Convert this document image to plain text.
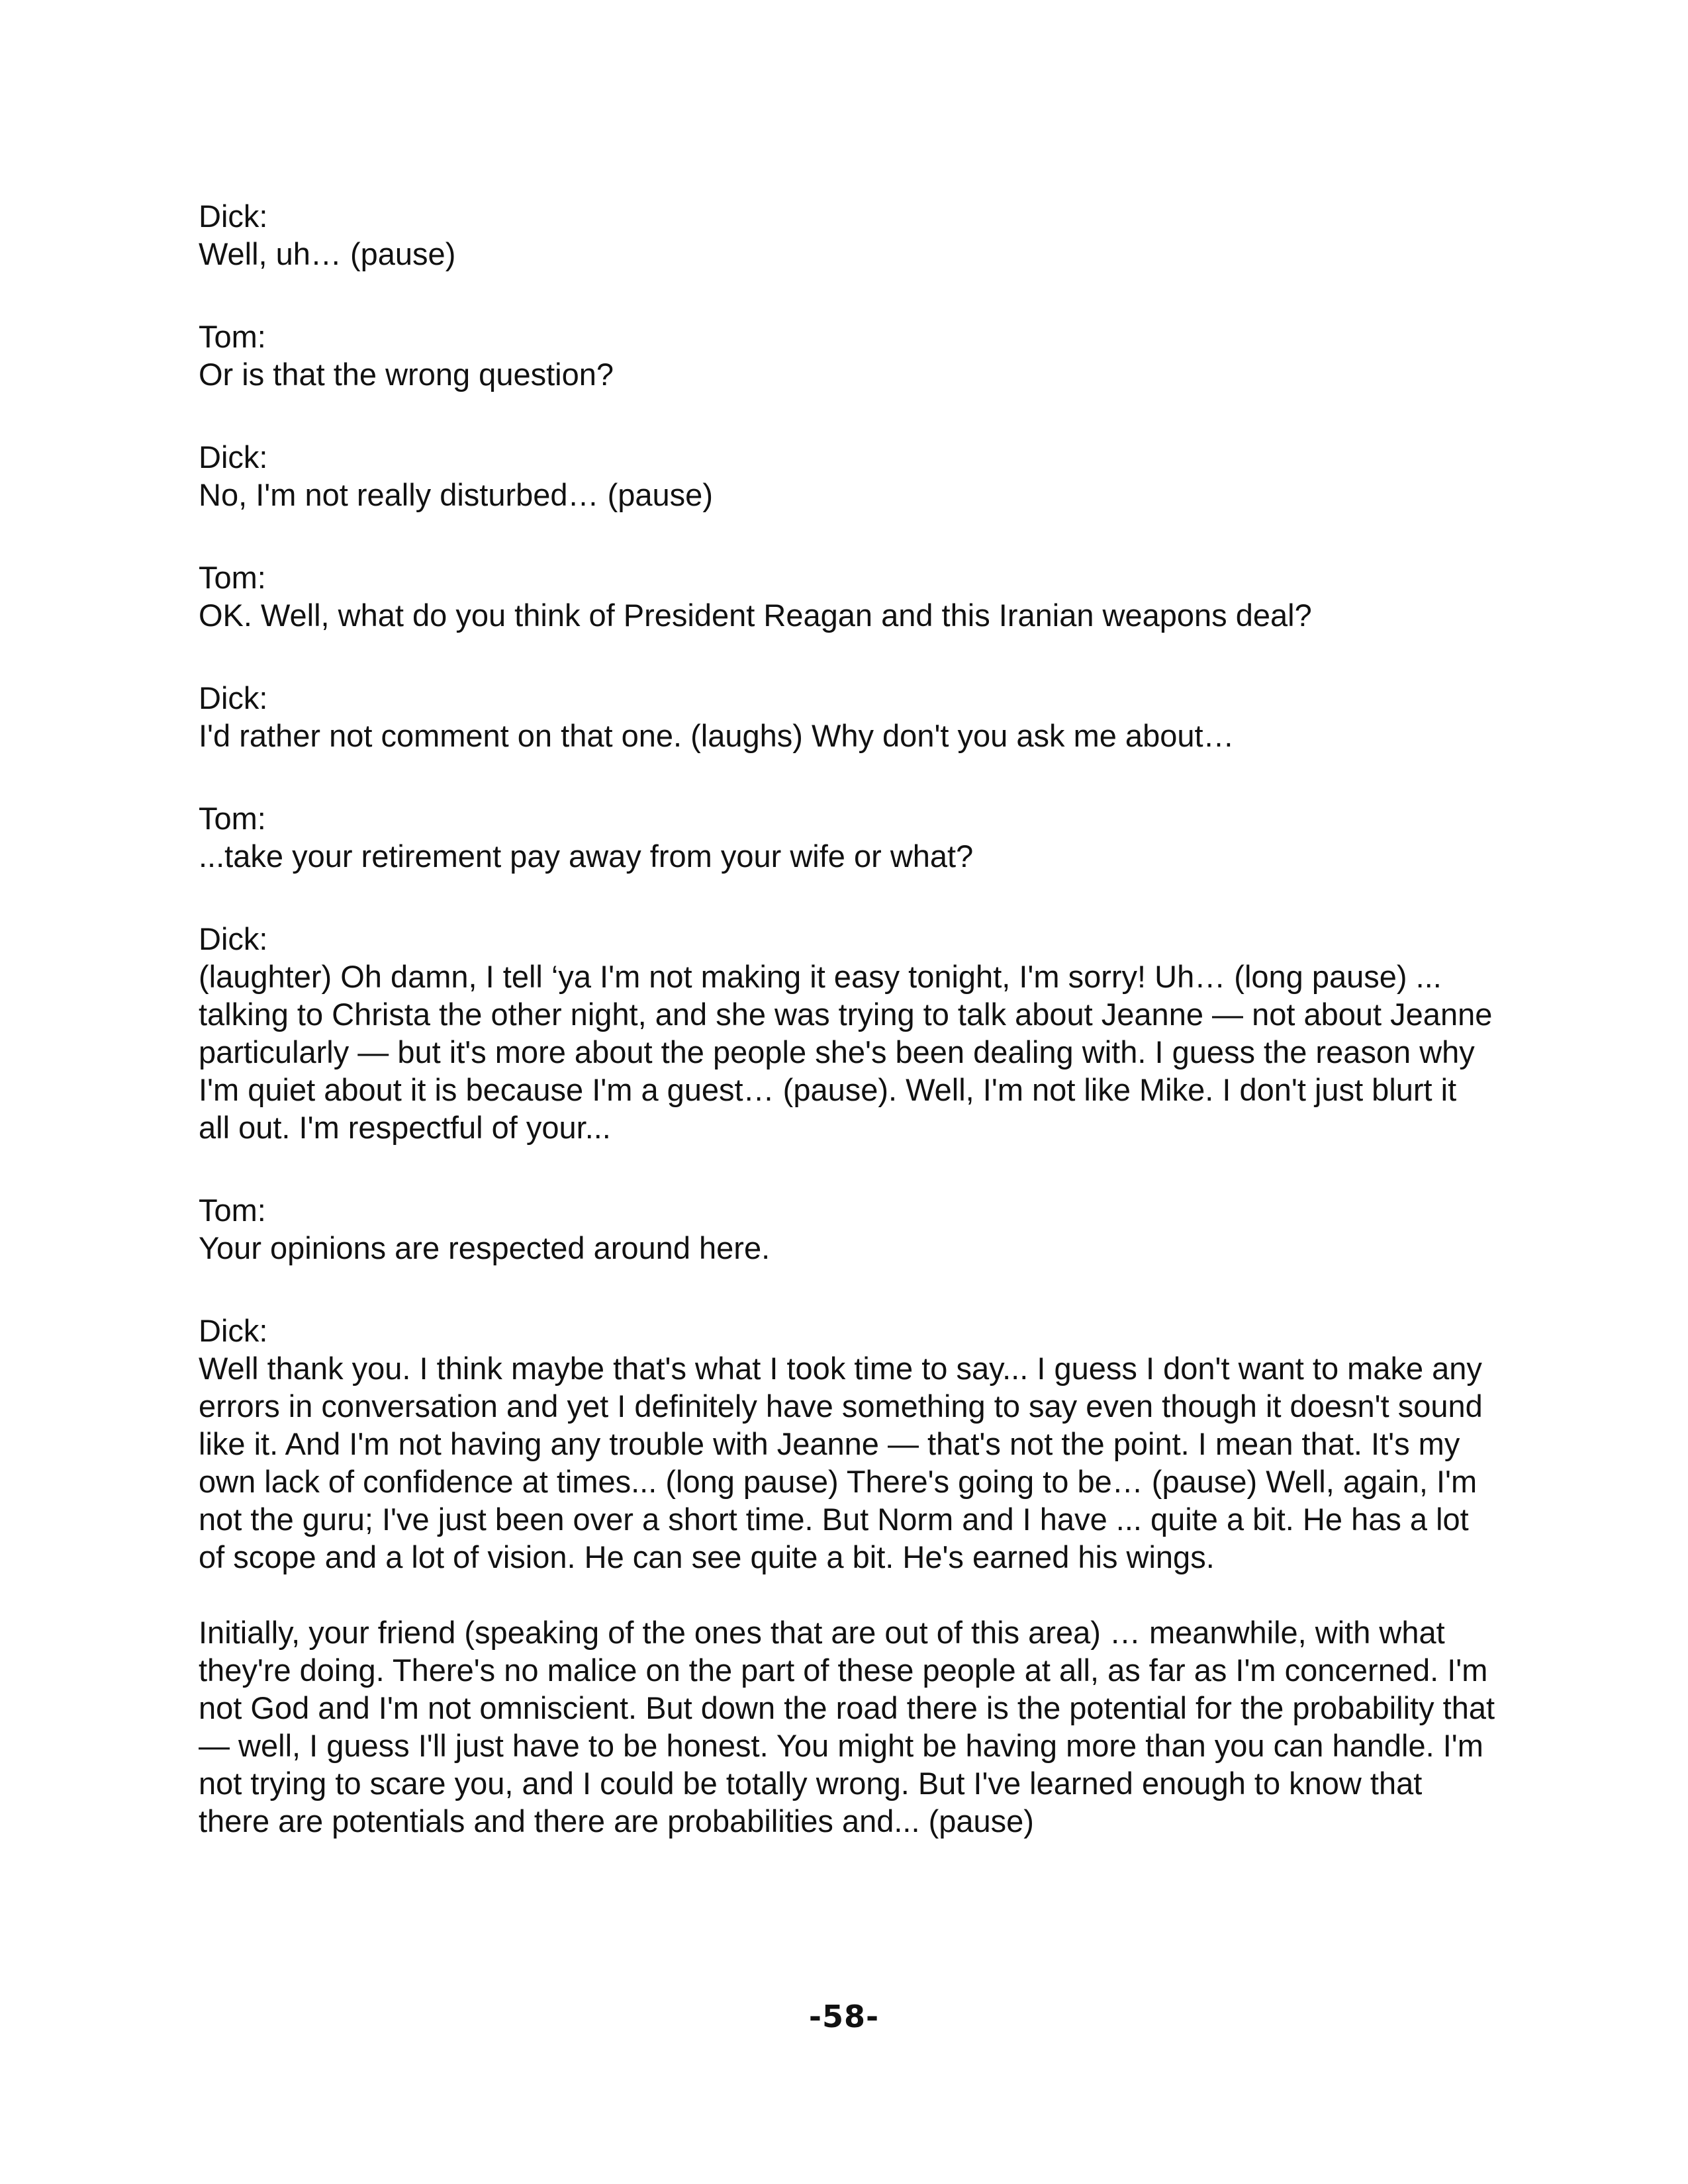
Dick:

Well, uh… (pause)

Tom:

Or is that the wrong question?

Dick:

No, I'm not really disturbed… (pause)

Tom:

OK. Well, what do you think of President Reagan and this Iranian weapons deal?

Dick:

I'd rather not comment on that one. (laughs) Why don't you ask me about…

Tom:

...take your retirement pay away from your wife or what?

Dick:

(laughter) Oh damn, I tell ‘ya I'm not making it easy tonight, I'm sorry! Uh… (long pause) ... talking to Christa the other night, and she was trying to talk about Jeanne — not about Jeanne particularly — but it's more about the people she's been dealing with. I guess the reason why I'm quiet about it is because I'm a guest… (pause). Well, I'm not like Mike. I don't just blurt it all out. I'm respectful of your...

Tom:

Your opinions are respected around here.

Dick:

Well thank you. I think maybe that's what I took time to say... I guess I don't want to make any errors in conversation and yet I definitely have something to say even though it doesn't sound like it. And I'm not having any trouble with Jeanne — that's not the point. I mean that. It's my own lack of confidence at times... (long pause) There's going to be… (pause) Well, again, I'm not the guru; I've just been over a short time. But Norm and I have ... quite a bit. He has a lot of scope and a lot of vision. He can see quite a bit. He's earned his wings.

Initially, your friend (speaking of the ones that are out of this area) … meanwhile, with what they're doing. There's no malice on the part of these people at all, as far as I'm concerned. I'm not God and I'm not omniscient. But down the road there is the potential for the probability that — well, I guess I'll just have to be honest. You might be having more than you can handle. I'm not trying to scare you, and I could be totally wrong. But I've learned enough to know that there are potentials and there are probabilities and... (pause)

-58-
